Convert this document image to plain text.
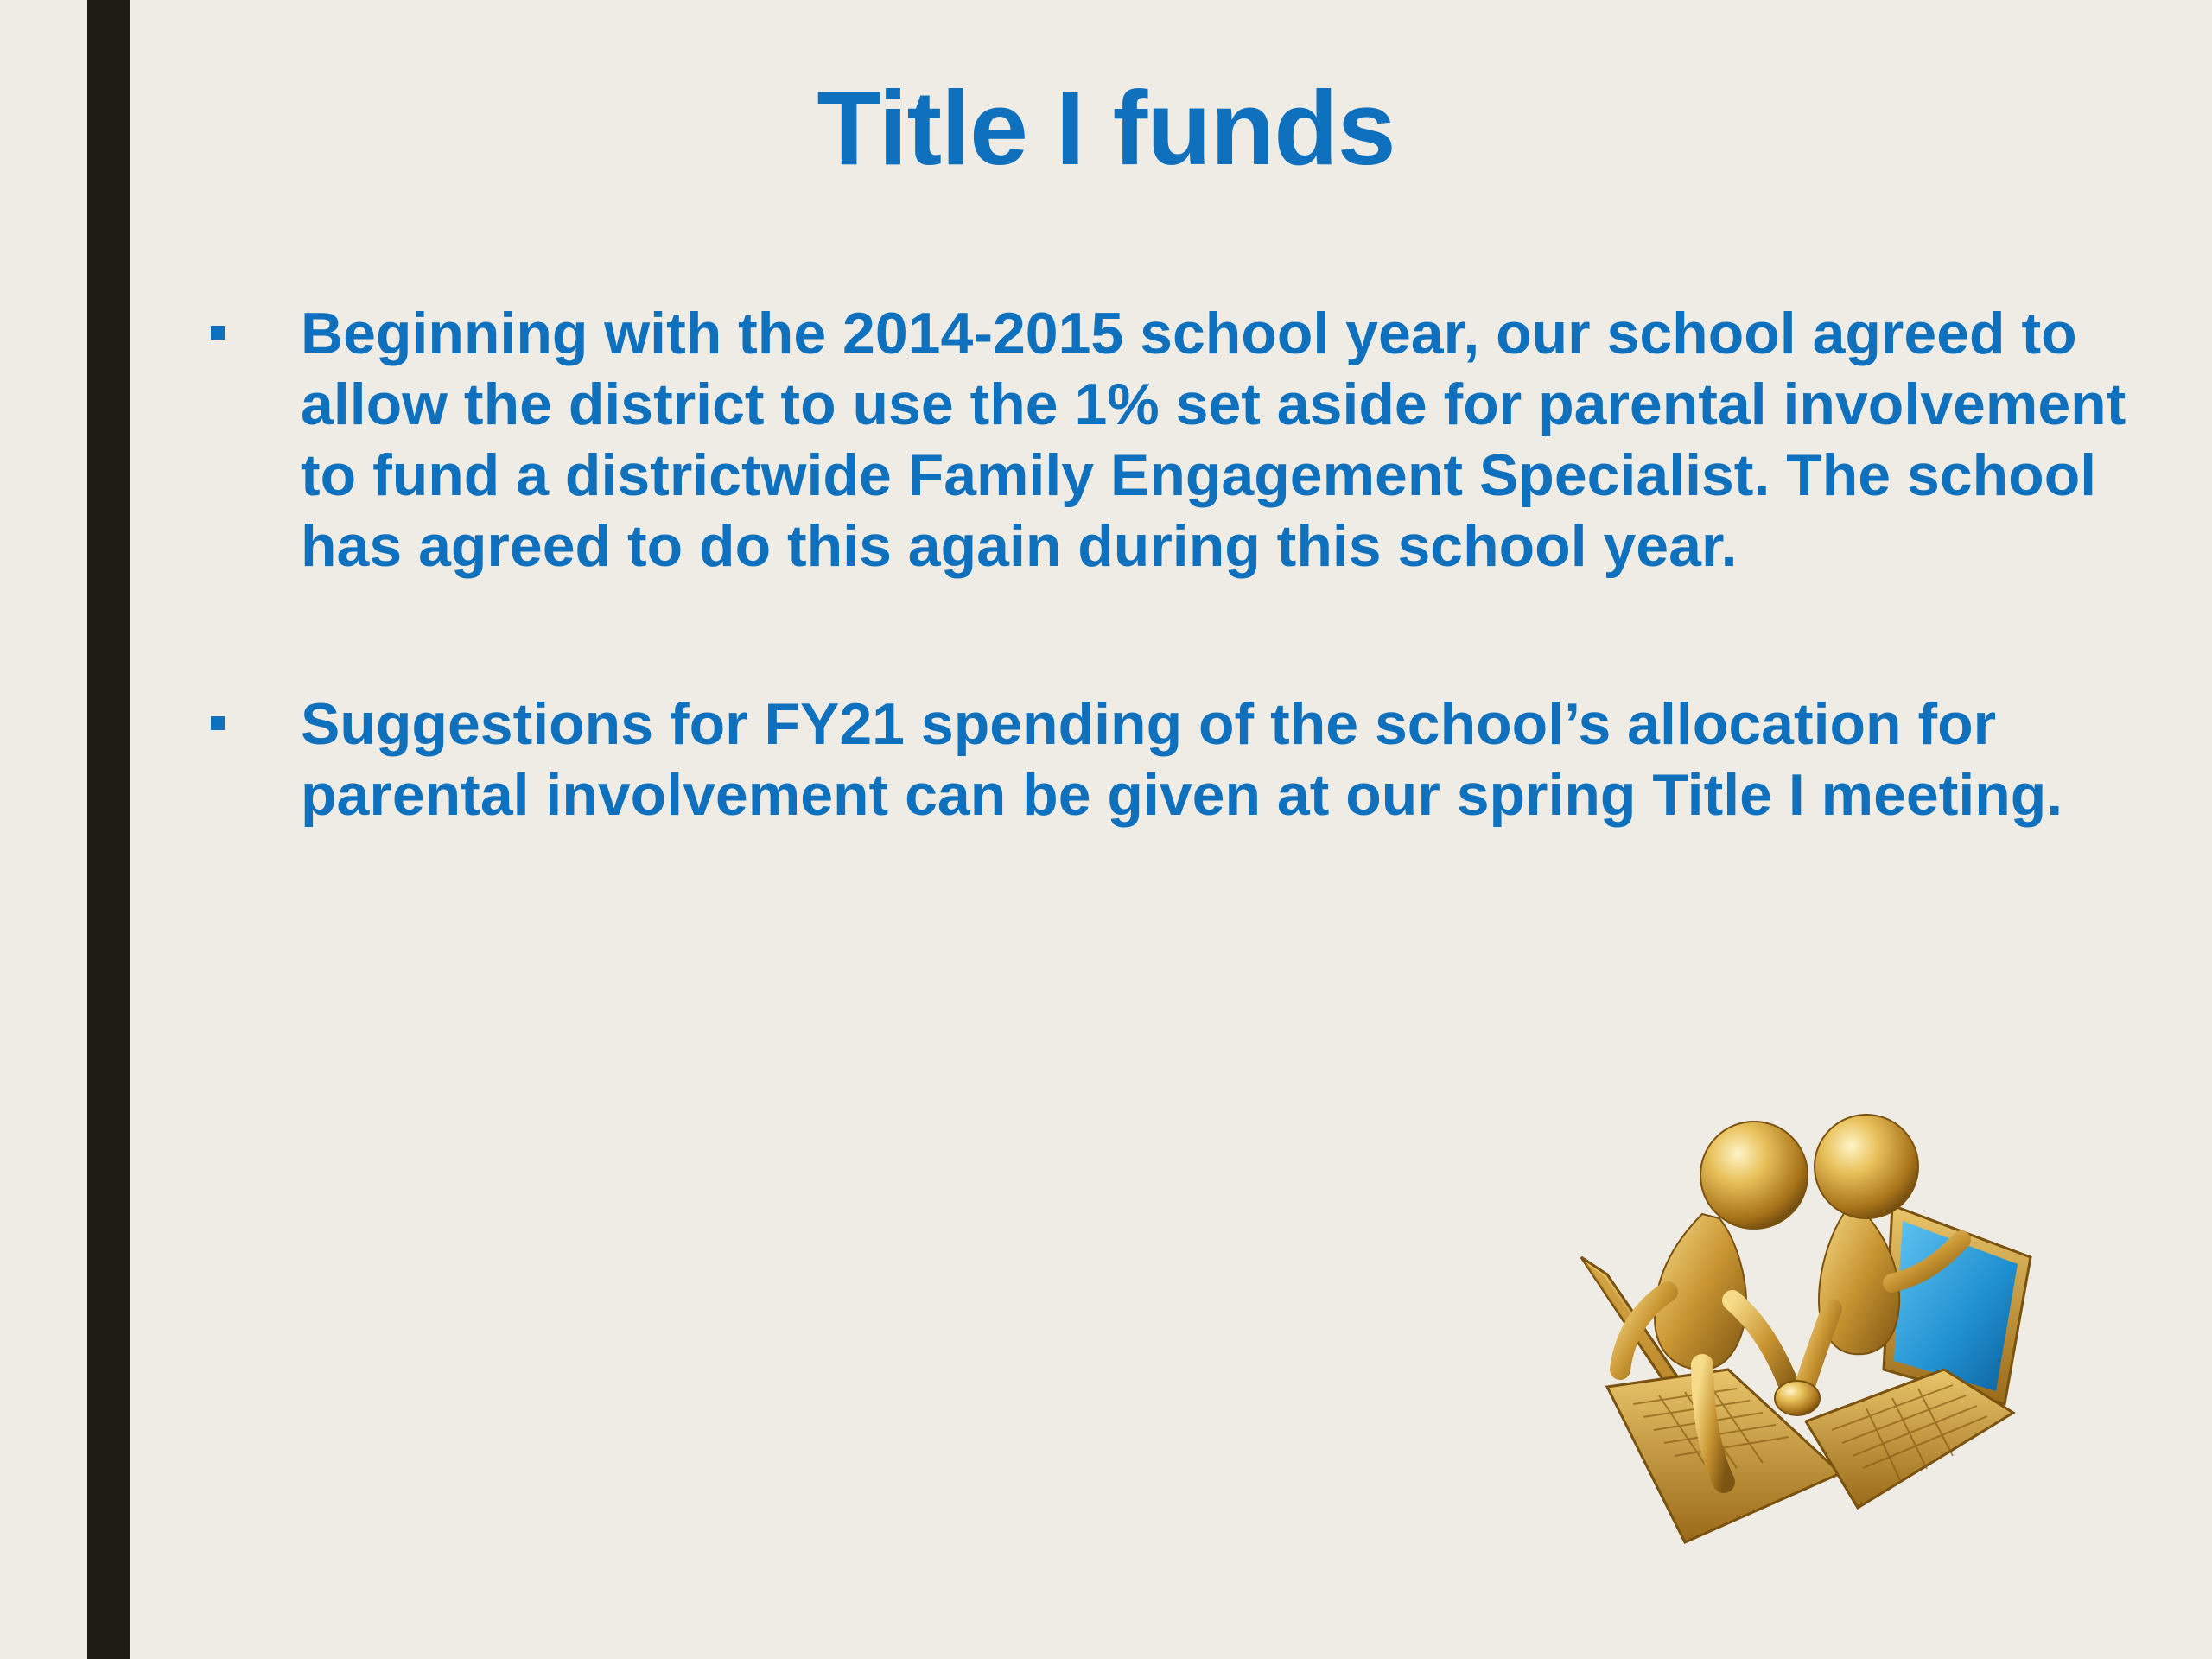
Title I funds
Beginning with the 2014-2015 school year, our school agreed to allow the district to use the 1% set aside for parental involvement to fund a districtwide Family Engagement Specialist. The school has agreed to do this again during this school year.
Suggestions for FY21 spending of the school’s allocation for parental involvement can be given at our spring Title I meeting.
